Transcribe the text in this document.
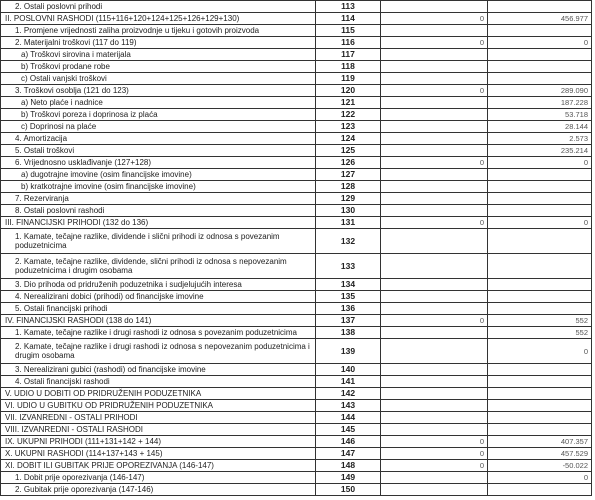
2. Ostali poslovni prihodi	113		
II. POSLOVNI RASHODI (115+116+120+124+125+126+129+130)	114	0	456.977
1. Promjene vrijednosti zaliha proizvodnje u tijeku i gotovih proizvoda	115		
2. Materijalni troškovi (117 do 119)	116	0	0
a) Troškovi sirovina i materijala	117		
b) Troškovi prodane robe	118		
c) Ostali vanjski troškovi	119		
3. Troškovi osoblja (121 do 123)	120	0	289.090
a) Neto plaće i nadnice	121		187.228
b) Troškovi poreza i doprinosa iz plaća	122		53.718
c) Doprinosi na plaće	123		28.144
4. Amortizacija	124		2.573
5. Ostali troškovi	125		235.214
6. Vrijednosno usklađivanje (127+128)	126	0	0
a) dugotrajne imovine (osim financijske imovine)	127		
b) kratkotrajne imovine (osim financijske imovine)	128		
7. Rezerviranja	129		
8. Ostali poslovni rashodi	130		
III. FINANCIJSKI PRIHODI (132 do 136)	131	0	0
1. Kamate, tečajne razlike, dividende i slični prihodi iz odnosa s povezanim poduzetnicima	132		
2. Kamate, tečajne razlike, dividende, slični prihodi iz odnosa s nepovezanim poduzetnicima i drugim osobama	133		
3. Dio prihoda od pridruženih poduzetnika i sudjelujućih interesa	134		
4. Nerealizirani dobici (prihodi) od financijske imovine	135		
5. Ostali financijski prihodi	136		
IV. FINANCIJSKI RASHODI (138 do 141)	137	0	552
1. Kamate, tečajne razlike i drugi rashodi iz odnosa s povezanim poduzetnicima	138		552
2. Kamate, tečajne razlike i drugi rashodi iz odnosa s nepovezanim poduzetnicima i drugim osobama	139		0
3. Nerealizirani gubici (rashodi) od financijske imovine	140		
4. Ostali financijski rashodi	141		
V. UDIO U DOBITI OD PRIDRUŽENIH PODUZETNIKA	142		
VI. UDIO U GUBITKU OD PRIDRUŽENIH PODUZETNIKA	143		
VII. IZVANREDNI - OSTALI PRIHODI	144		
VIII. IZVANREDNI - OSTALI RASHODI	145		
IX. UKUPNI PRIHODI (111+131+142 + 144)	146	0	407.357
X. UKUPNI RASHODI (114+137+143 + 145)	147	0	457.529
XI. DOBIT ILI GUBITAK PRIJE OPOREZIVANJA (146-147)	148	0	-50.022
1. Dobit prije oporezivanja (146-147)	149		0
2. Gubitak prije oporezivanja (147-146)	150		
